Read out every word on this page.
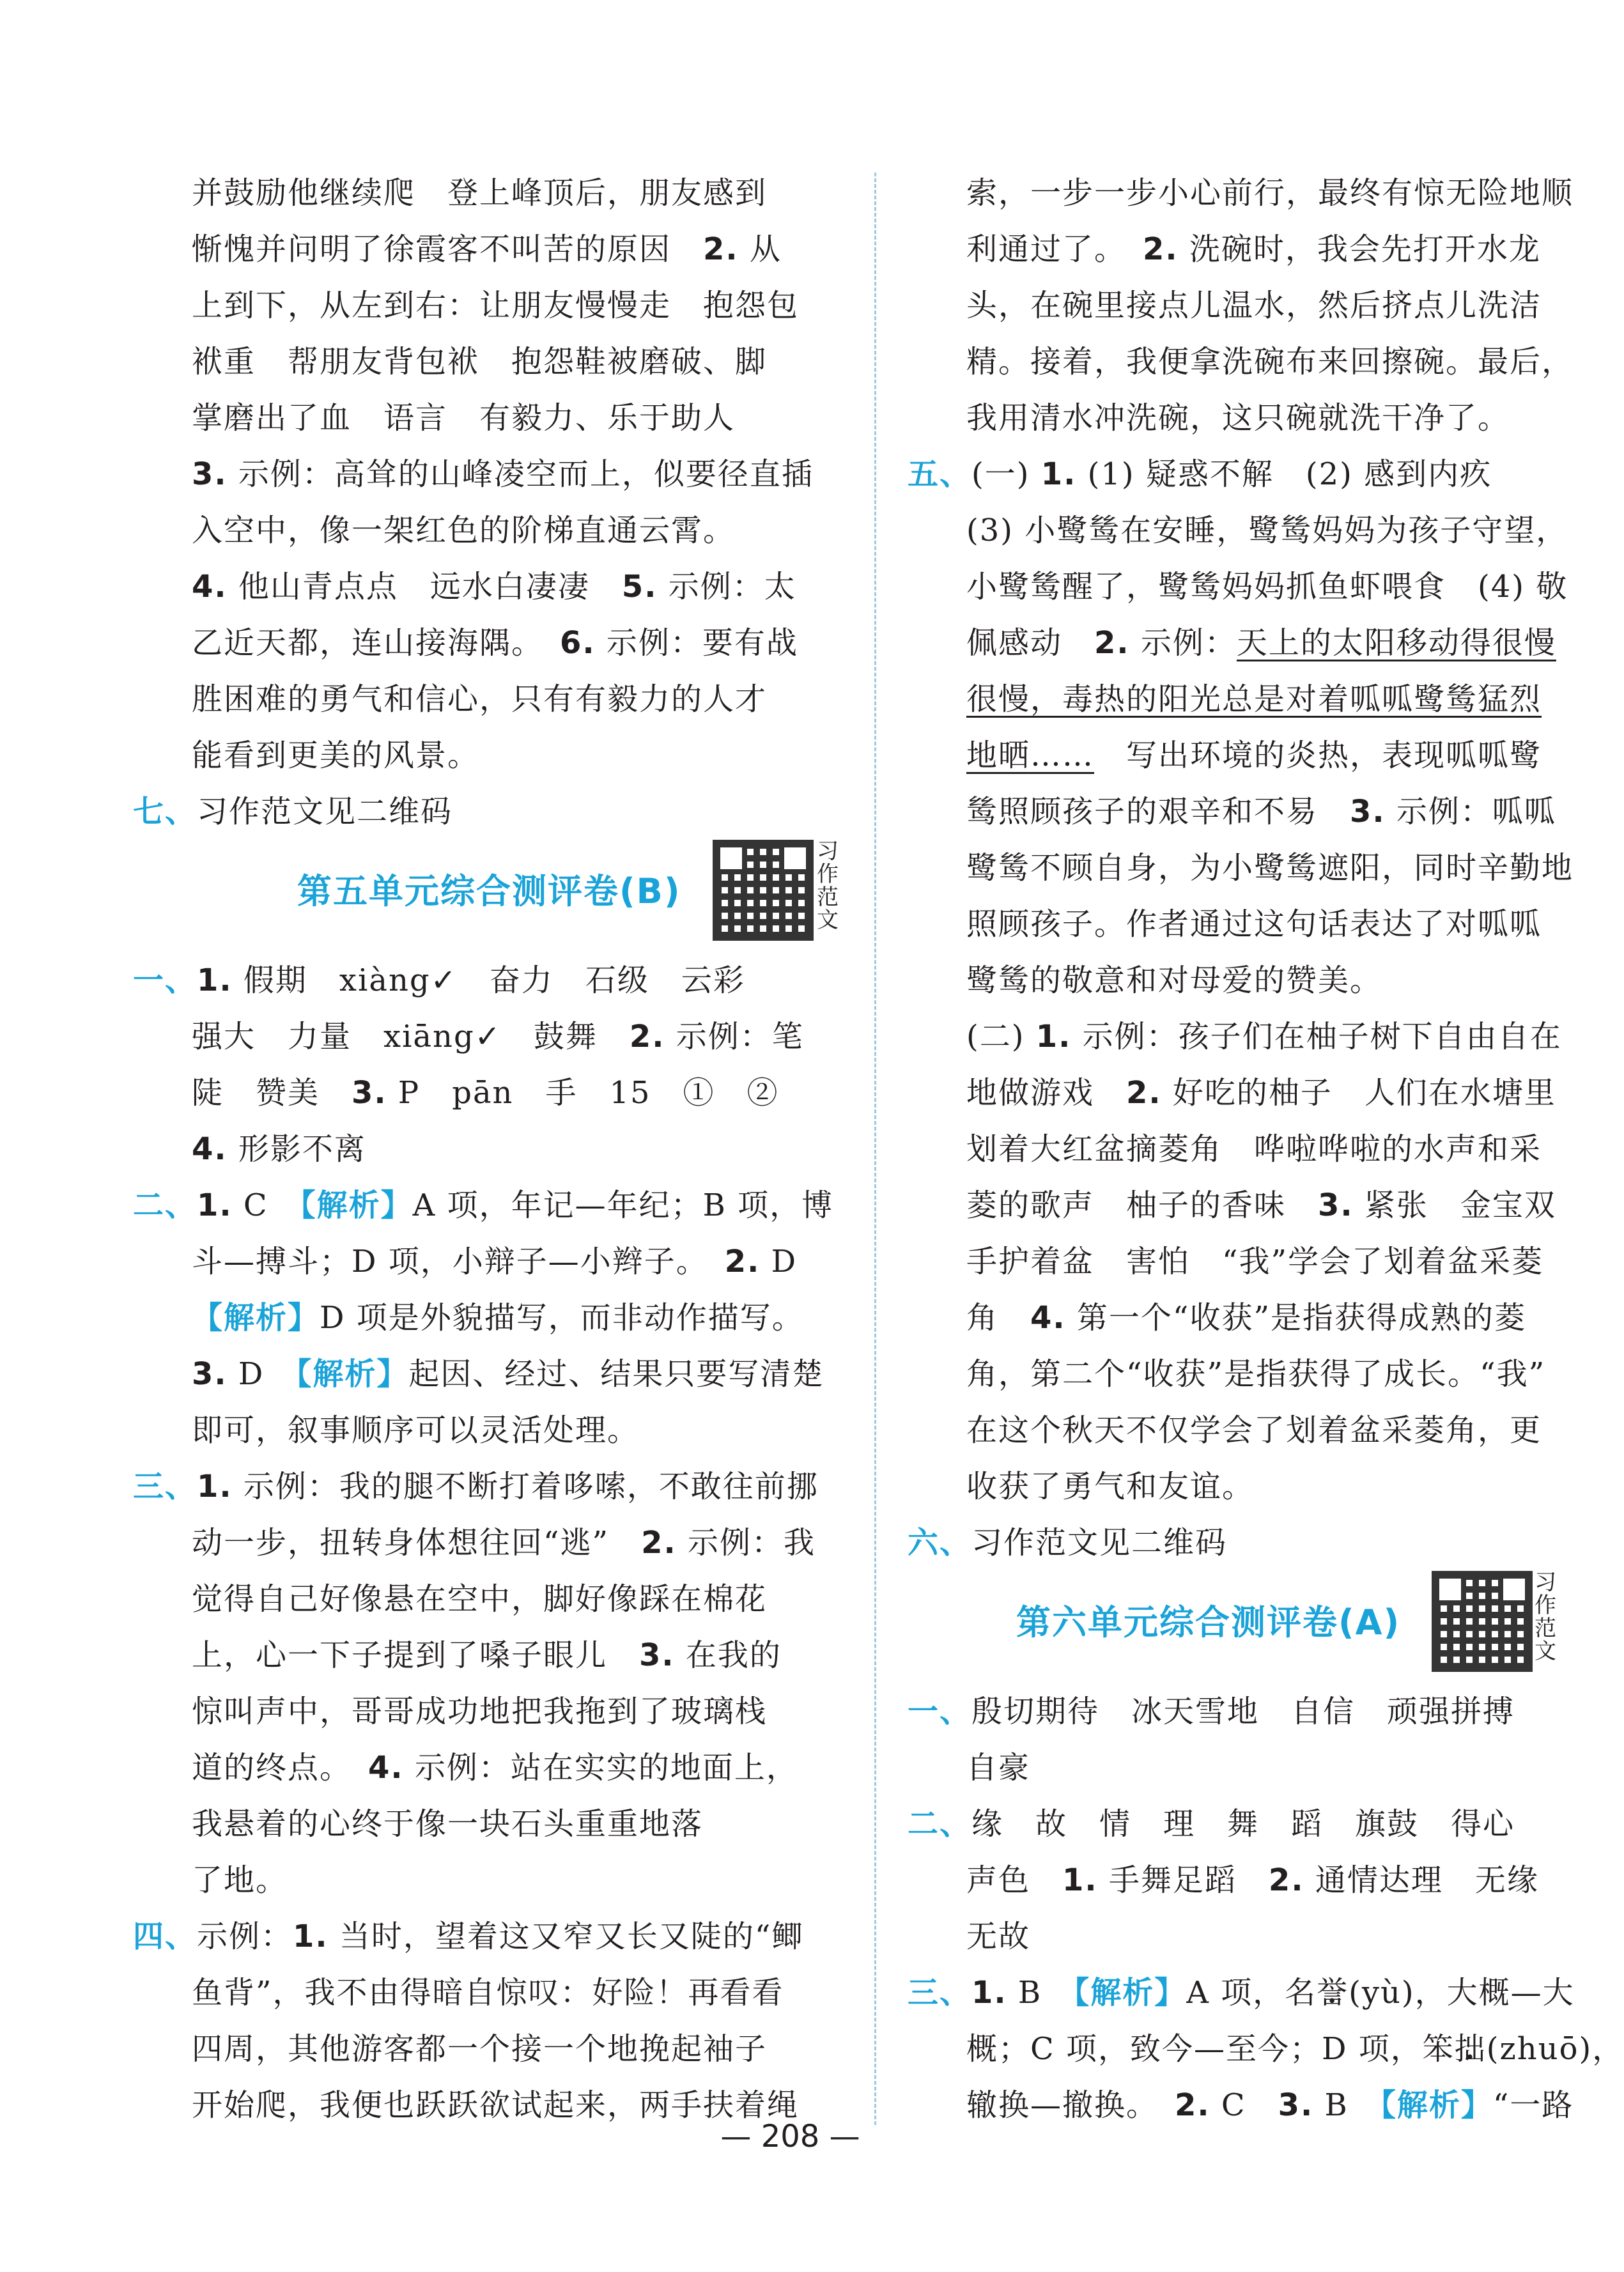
并鼓励他继续爬　登上峰顶后，朋友感到
惭愧并问明了徐霞客不叫苦的原因　2. 从
上到下，从左到右：让朋友慢慢走　抱怨包
袱重　帮朋友背包袱　抱怨鞋被磨破、脚
掌磨出了血　语言　有毅力、乐于助人
3. 示例：高耸的山峰凌空而上，似要径直插
入空中，像一架红色的阶梯直通云霄。
4. 他山青点点　远水白凄凄　5. 示例：太
乙近天都，连山接海隅。　6. 示例：要有战
胜困难的勇气和信心，只有有毅力的人才
能看到更美的风景。
七、习作范文见二维码
第五单元综合测评卷(B)
习作范文
一、1. 假期　xiàng✓　奋力　石级　云彩
强大　力量　xiāng✓　鼓舞　2. 示例：笔
陡　赞美　3. P　pān　手　15　①　②
4. 形影不离
二、1. C　【解析】A 项，年记—年纪；B 项，博
斗—搏斗；D 项，小辩子—小辫子。　2. D
【解析】D 项是外貌描写，而非动作描写。
3. D　【解析】起因、经过、结果只要写清楚
即可，叙事顺序可以灵活处理。
三、1. 示例：我的腿不断打着哆嗦，不敢往前挪
动一步，扭转身体想往回“逃”　2. 示例：我
觉得自己好像悬在空中，脚好像踩在棉花
上，心一下子提到了嗓子眼儿　3. 在我的
惊叫声中，哥哥成功地把我拖到了玻璃栈
道的终点。　4. 示例：站在实实的地面上，
我悬着的心终于像一块石头重重地落
了地。
四、示例：1. 当时，望着这又窄又长又陡的“鲫
鱼背”，我不由得暗自惊叹：好险！再看看
四周，其他游客都一个接一个地挽起袖子
开始爬，我便也跃跃欲试起来，两手扶着绳
索，一步一步小心前行，最终有惊无险地顺
利通过了。　2. 洗碗时，我会先打开水龙
头，在碗里接点儿温水，然后挤点儿洗洁
精。接着，我便拿洗碗布来回擦碗。最后，
我用清水冲洗碗，这只碗就洗干净了。
五、(一) 1. (1) 疑惑不解　(2) 感到内疚
(3) 小鹭鸶在安睡，鹭鸶妈妈为孩子守望，
小鹭鸶醒了，鹭鸶妈妈抓鱼虾喂食　(4) 敬
佩感动　2. 示例：天上的太阳移动得很慢
很慢，毒热的阳光总是对着呱呱鹭鸶猛烈
地晒……　写出环境的炎热，表现呱呱鹭
鸶照顾孩子的艰辛和不易　3. 示例：呱呱
鹭鸶不顾自身，为小鹭鸶遮阳，同时辛勤地
照顾孩子。作者通过这句话表达了对呱呱
鹭鸶的敬意和对母爱的赞美。
(二) 1. 示例：孩子们在柚子树下自由自在
地做游戏　2. 好吃的柚子　人们在水塘里
划着大红盆摘菱角　哗啦哗啦的水声和采
菱的歌声　柚子的香味　3. 紧张　金宝双
手护着盆　害怕　“我”学会了划着盆采菱
角　4. 第一个“收获”是指获得成熟的菱
角，第二个“收获”是指获得了成长。“我”
在这个秋天不仅学会了划着盆采菱角，更
收获了勇气和友谊。
六、习作范文见二维码
第六单元综合测评卷(A)
习作范文
一、殷切期待　冰天雪地　自信　顽强拼搏
自豪
二、缘　故　情　理　舞　蹈　旗鼓　得心
声色　1. 手舞足蹈　2. 通情达理　无缘
无故
三、1. B　【解析】A 项，名誉(yù)，大概—大
概；C 项，致今—至今；D 项，笨拙(zhuō)，
辙换—撤换。　2. C　3. B　【解析】“一路
— 208 —
